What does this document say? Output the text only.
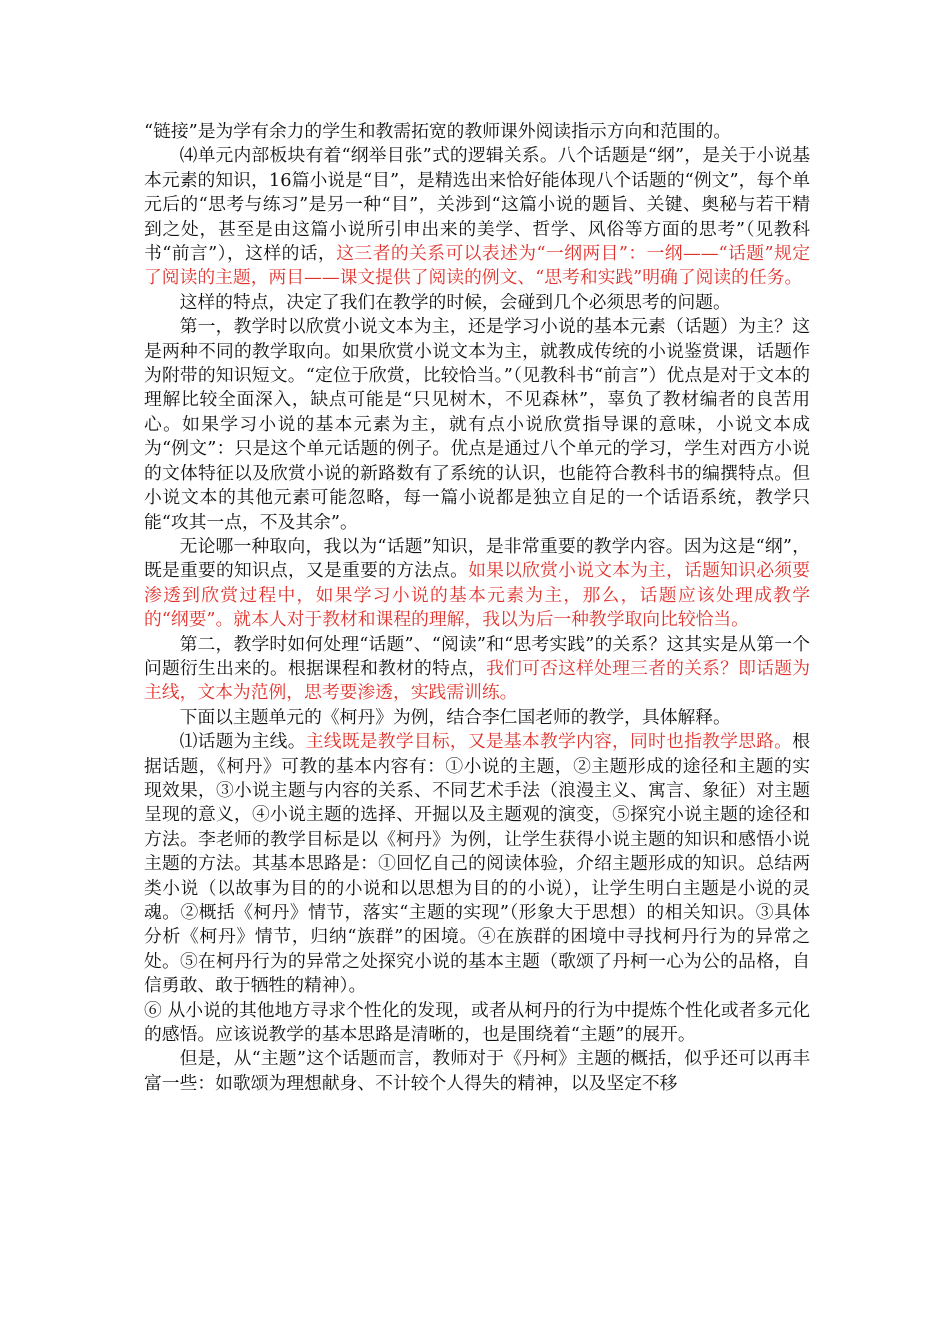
“链接”是为学有余力的学生和教需拓宽的教师课外阅读指示方向和范围的。

⑷单元内部板块有着“纲举目张”式的逻辑关系。八个话题是“纲”，是关于小说基本元素的知识，16篇小说是“目”，是精选出来恰好能体现八个话题的“例文”，每个单元后的“思考与练习”是另一种“目”，关涉到“这篇小说的题旨、关键、奥秘与若干精到之处，甚至是由这篇小说所引申出来的美学、哲学、风俗等方面的思考”（见教科书“前言”），这样的话，这三者的关系可以表述为“一纲两目”：一纲——“话题”规定了阅读的主题，两目——课文提供了阅读的例文、“思考和实践”明确了阅读的任务。

这样的特点，决定了我们在教学的时候，会碰到几个必须思考的问题。

第一，教学时以欣赏小说文本为主，还是学习小说的基本元素（话题）为主？这是两种不同的教学取向。如果欣赏小说文本为主，就教成传统的小说鉴赏课，话题作为附带的知识短文。“定位于欣赏，比较恰当。”（见教科书“前言”）优点是对于文本的理解比较全面深入，缺点可能是“只见树木，不见森林”，辜负了教材编者的良苦用心。如果学习小说的基本元素为主，就有点小说欣赏指导课的意味，小说文本成为“例文”：只是这个单元话题的例子。优点是通过八个单元的学习，学生对西方小说的文体特征以及欣赏小说的新路数有了系统的认识，也能符合教科书的编撰特点。但小说文本的其他元素可能忽略，每一篇小说都是独立自足的一个话语系统，教学只能“攻其一点，不及其余”。

无论哪一种取向，我以为“话题”知识，是非常重要的教学内容。因为这是“纲”，既是重要的知识点，又是重要的方法点。如果以欣赏小说文本为主，话题知识必须要渗透到欣赏过程中，如果学习小说的基本元素为主，那么，话题应该处理成教学的“纲要”。就本人对于教材和课程的理解，我以为后一种教学取向比较恰当。

第二，教学时如何处理“话题”、“阅读”和“思考实践”的关系？这其实是从第一个问题衍生出来的。根据课程和教材的特点，我们可否这样处理三者的关系？即话题为主线，文本为范例，思考要渗透，实践需训练。

下面以主题单元的《柯丹》为例，结合李仁国老师的教学，具体解释。

⑴话题为主线。主线既是教学目标，又是基本教学内容，同时也指教学思路。根据话题，《柯丹》可教的基本内容有：①小说的主题，②主题形成的途径和主题的实现效果，③小说主题与内容的关系、不同艺术手法（浪漫主义、寓言、象征）对主题呈现的意义，④小说主题的选择、开掘以及主题观的演变，⑤探究小说主题的途径和方法。李老师的教学目标是以《柯丹》为例，让学生获得小说主题的知识和感悟小说主题的方法。其基本思路是：①回忆自己的阅读体验，介绍主题形成的知识。总结两类小说（以故事为目的的小说和以思想为目的的小说），让学生明白主题是小说的灵魂。②概括《柯丹》情节，落实“主题的实现”（形象大于思想）的相关知识。③具体分析《柯丹》情节，归纳“族群”的困境。④在族群的困境中寻找柯丹行为的异常之处。⑤在柯丹行为的异常之处探究小说的基本主题（歌颂了丹柯一心为公的品格，自信勇敢、敢于牺牲的精神）。

⑥ 从小说的其他地方寻求个性化的发现，或者从柯丹的行为中提炼个性化或者多元化的感悟。应该说教学的基本思路是清晰的，也是围绕着“主题”的展开。

但是，从“主题”这个话题而言，教师对于《丹柯》主题的概括，似乎还可以再丰富一些：如歌颂为理想献身、不计较个人得失的精神，以及坚定不移
